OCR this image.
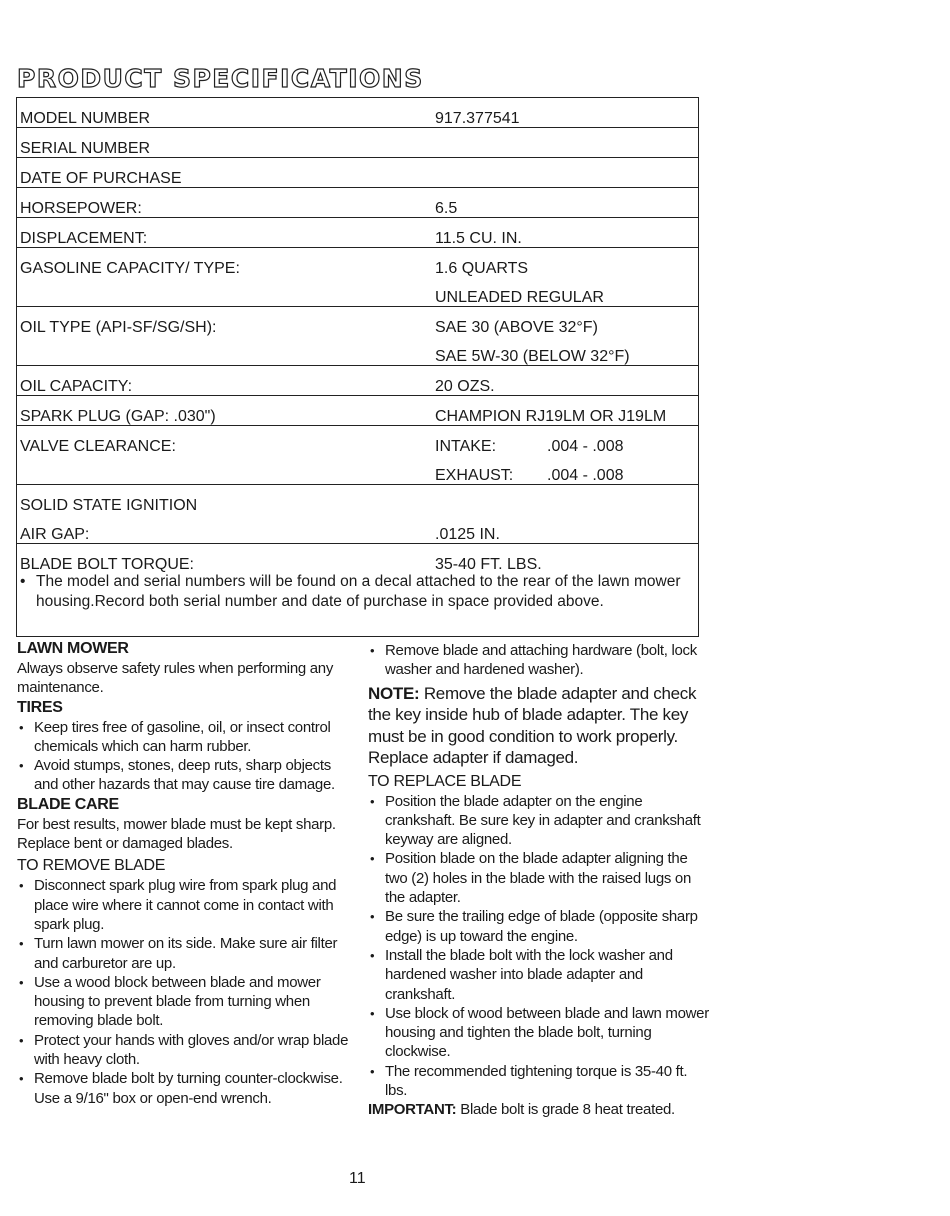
PRODUCT SPECIFICATIONS
MODEL NUMBER	917.377541
SERIAL NUMBER
DATE OF PURCHASE
HORSEPOWER:	6.5
DISPLACEMENT:	11.5 CU. IN.
GASOLINE CAPACITY/ TYPE:	1.6 QUARTS
UNLEADED REGULAR
OIL TYPE (API-SF/SG/SH):	SAE 30 (ABOVE 32°F)
SAE 5W-30 (BELOW 32°F)
OIL CAPACITY:	20 OZS.
SPARK PLUG (GAP: .030")	CHAMPION RJ19LM OR J19LM
VALVE CLEARANCE:	INTAKE:	.004 - .008
EXHAUST: .004 - .008
SOLID STATE IGNITION
AIR GAP:	.0125 IN.
BLADE BOLT TORQUE:	35-40 FT. LBS.
• The model and serial numbers will be found on a decal attached to the rear of the lawn mower housing.Record both serial number and date of purchase in space provided above.
LAWN MOWER

Always observe safety rules when performing any maintenance.

TIRES

• Keep tires free of gasoline, oil, or insect control chemicals which can harm rubber.

• Avoid stumps, stones, deep ruts, sharp objects and other hazards that may cause tire damage.

BLADE CARE

For best results, mower blade must be kept sharp. Replace bent or damaged blades.

TO REMOVE BLADE

• Disconnect spark plug wire from spark plug and place wire where it cannot come in contact with spark plug.

• Turn lawn mower on its side. Make sure air filter and carburetor are up.

• Use a wood block between blade and mower housing to prevent blade from turning when removing blade bolt.

• Protect your hands with gloves and/or wrap blade with heavy cloth.

• Remove blade bolt by turning counter-clockwise. Use a 9/16" box or open-end wrench.

• Remove blade and attaching hardware (bolt, lock washer and hardened washer).

NOTE: Remove the blade adapter and check the key inside hub of blade adapter. The key must be in good condition to work properly. Replace adapter if damaged.

TO REPLACE BLADE

• Position the blade adapter on the engine crankshaft. Be sure key in adapter and crankshaft keyway are aligned.

• Position blade on the blade adapter aligning the two (2) holes in the blade with the raised lugs on the adapter.

• Be sure the trailing edge of blade (opposite sharp edge) is up toward the engine.

• Install the blade bolt with the lock washer and hardened washer into blade adapter and crankshaft.

• Use block of wood between blade and lawn mower housing and tighten the blade bolt, turning clockwise.

• The recommended tightening torque is 35-40 ft. lbs.

IMPORTANT: Blade bolt is grade 8 heat treated.

11
